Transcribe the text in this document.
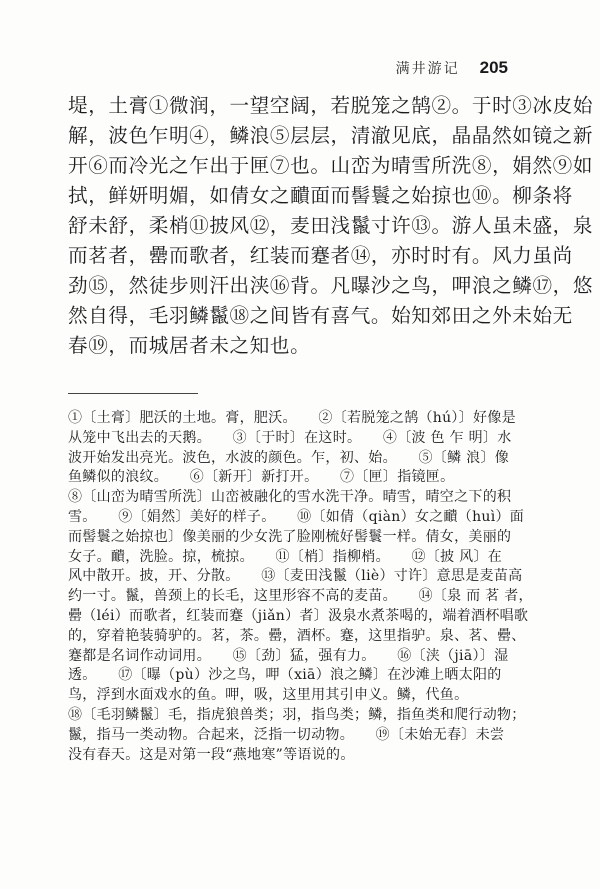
满井游记 205
堤，土膏①微润，一望空阔，若脱笼之鹄②。于时③冰皮始
解，波色乍明④，鳞浪⑤层层，清澈见底，晶晶然如镜之新
开⑥而冷光之乍出于匣⑦也。山峦为晴雪所洗⑧，娟然⑨如
拭，鲜妍明媚，如倩女之靧面而髻鬟之始掠也⑩。柳条将
舒未舒，柔梢⑪披风⑫，麦田浅鬣寸许⑬。游人虽未盛，泉
而茗者，罍而歌者，红装而蹇者⑭，亦时时有。风力虽尚
劲⑮，然徒步则汗出浃⑯背。凡曝沙之鸟，呷浪之鳞⑰，悠
然自得，毛羽鳞鬣⑱之间皆有喜气。始知郊田之外未始无
春⑲，而城居者未之知也。
①〔土膏〕肥沃的土地。膏，肥沃。　　②〔若脱笼之鹄（hú）〕好像是
从笼中飞出去的天鹅。　　③〔于时〕在这时。　　④〔波 色 乍 明〕水
波开始发出亮光。波色，水波的颜色。乍，初、始。　　⑤〔鳞 浪〕像
鱼鳞似的浪纹。　　⑥〔新开〕新打开。　　⑦〔匣〕指镜匣。
⑧〔山峦为晴雪所洗〕山峦被融化的雪水洗干净。晴雪，晴空之下的积
雪。　　⑨〔娟然〕美好的样子。　　⑩〔如倩（qiàn）女之靧（huì）面
而髻鬟之始掠也〕像美丽的少女洗了脸刚梳好髻鬟一样。倩女，美丽的
女子。靧，洗脸。掠，梳掠。　　⑪〔梢〕指柳梢。　　⑫〔披 风〕在
风中散开。披，开、分散。　　⑬〔麦田浅鬣（liè）寸许〕意思是麦苗高
约一寸。鬣，兽颈上的长毛，这里形容不高的麦苗。　　⑭〔泉 而 茗 者，
罍（léi）而歌者，红装而蹇（jiǎn）者〕汲泉水煮茶喝的，端着酒杯唱歌
的，穿着艳装骑驴的。茗，茶。罍，酒杯。蹇，这里指驴。泉、茗、罍、
蹇都是名词作动词用。　　⑮〔劲〕猛，强有力。　　⑯〔浃（jiā）〕湿
透。　　⑰〔曝（pù）沙之鸟，呷（xiā）浪之鳞〕在沙滩上晒太阳的
鸟，浮到水面戏水的鱼。呷，吸，这里用其引申义。鳞，代鱼。
⑱〔毛羽鳞鬣〕毛，指虎狼兽类；羽，指鸟类；鳞，指鱼类和爬行动物；
鬣，指马一类动物。合起来，泛指一切动物。　　⑲〔未始无春〕未尝
没有春天。这是对第一段“燕地寒”等语说的。
